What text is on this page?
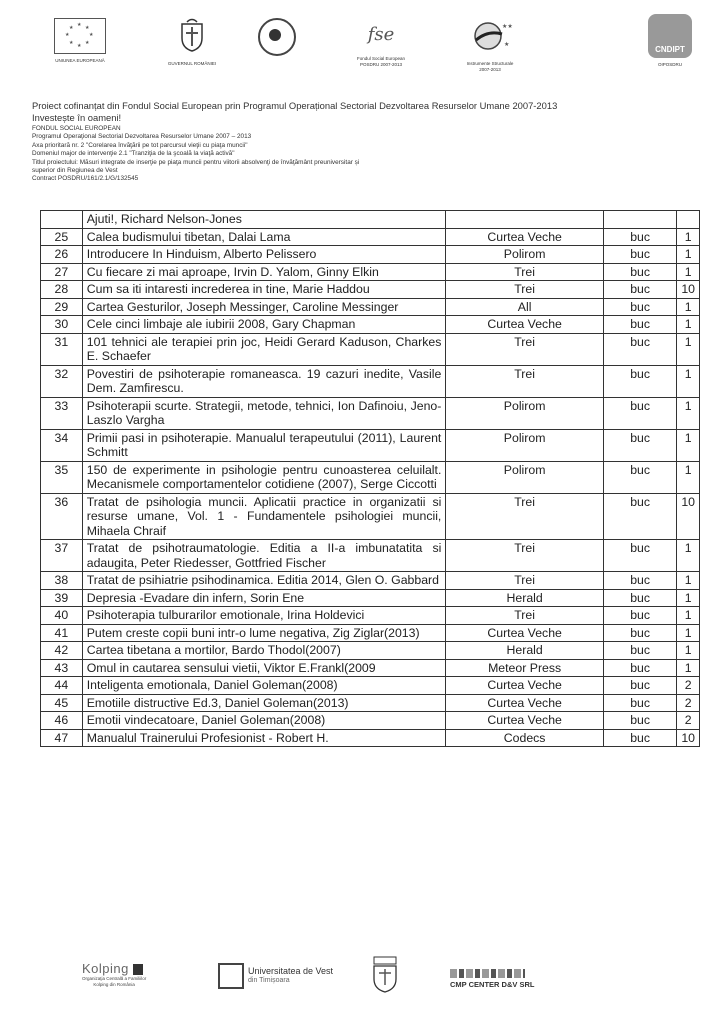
★ ★
★
★
★
★
★
★
UNIUNEA EUROPEANĂ
GUVERNUL ROMÂNIEI
fse
Fondul Social European
POSDRU 2007-2013
★★
★
Instrumente Structurale
2007-2013
CNDIPT
OIPOSDRU
Proiect cofinanțat din Fondul Social European prin Programul Operațional Sectorial Dezvoltarea Resurselor Umane 2007-2013
Investește în oameni!
FONDUL SOCIAL EUROPEAN
Programul Operaţional Sectorial Dezvoltarea Resurselor Umane 2007 – 2013
Axa prioritară nr. 2 "Corelarea învăţării pe tot parcursul vieţii cu piaţa muncii"
Domeniul major de intervenţie 2.1 "Tranziţia de la şcoală la viaţă activă"
Titlul proiectului: Măsuri integrate de inserţie pe piaţa muncii pentru viitorii absolvenţi de învăţământ preuniversitar și
superior din Regiunea de Vest
Contract POSDRU/161/2.1/G/132545
	Ajuti!, Richard Nelson-Jones			
25	Calea budismului tibetan, Dalai Lama	Curtea Veche	buc	1
26	Introducere In Hinduism, Alberto Pelissero	Polirom	buc	1
27	Cu fiecare zi mai aproape, Irvin D. Yalom, Ginny Elkin	Trei	buc	1
28	Cum sa iti intaresti increderea in tine, Marie Haddou	Trei	buc	10
29	Cartea Gesturilor, Joseph Messinger, Caroline Messinger	All	buc	1
30	Cele cinci limbaje ale iubirii 2008, Gary Chapman	Curtea Veche	buc	1
31	101 tehnici ale terapiei prin joc, Heidi Gerard Kaduson, Charkes E. Schaefer	Trei	buc	1
32	Povestiri de psihoterapie romaneasca. 19 cazuri inedite, Vasile Dem. Zamfirescu.	Trei	buc	1
33	Psihoterapii scurte. Strategii, metode, tehnici, Ion Dafinoiu, Jeno-Laszlo Vargha	Polirom	buc	1
34	Primii pasi in psihoterapie. Manualul terapeutului (2011), Laurent Schmitt	Polirom	buc	1
35	150 de experimente in psihologie pentru cunoasterea celuilalt. Mecanismele comportamentelor cotidiene (2007), Serge Ciccotti	Polirom	buc	1
36	Tratat de psihologia muncii. Aplicatii practice in organizatii si resurse umane, Vol. 1 - Fundamentele psihologiei muncii, Mihaela Chraif	Trei	buc	10
37	Tratat de psihotraumatologie. Editia a II-a imbunatatita si adaugita, Peter Riedesser, Gottfried Fischer	Trei	buc	1
38	Tratat de psihiatrie psihodinamica. Editia 2014, Glen O. Gabbard	Trei	buc	1
39	Depresia -Evadare din infern, Sorin Ene	Herald	buc	1
40	Psihoterapia tulburarilor emotionale, Irina Holdevici	Trei	buc	1
41	Putem creste copii buni intr-o lume negativa, Zig Ziglar(2013)	Curtea Veche	buc	1
42	Cartea tibetana a mortilor, Bardo Thodol(2007)	Herald	buc	1
43	Omul in cautarea sensului vietii, Viktor E.Frankl(2009	Meteor Press	buc	1
44	Inteligenta emotionala, Daniel Goleman(2008)	Curtea Veche	buc	2
45	Emotiile distructive Ed.3, Daniel Goleman(2013)	Curtea Veche	buc	2
46	Emotii vindecatoare, Daniel Goleman(2008)	Curtea Veche	buc	2
47	Manualul Trainerului Profesionist - Robert H.	Codecs	buc	10
Kolping
Organizaţia Centrală a Familiilor
Kolping din România
Universitatea de Vest
din Timișoara	CMP CENTER D&V SRL
